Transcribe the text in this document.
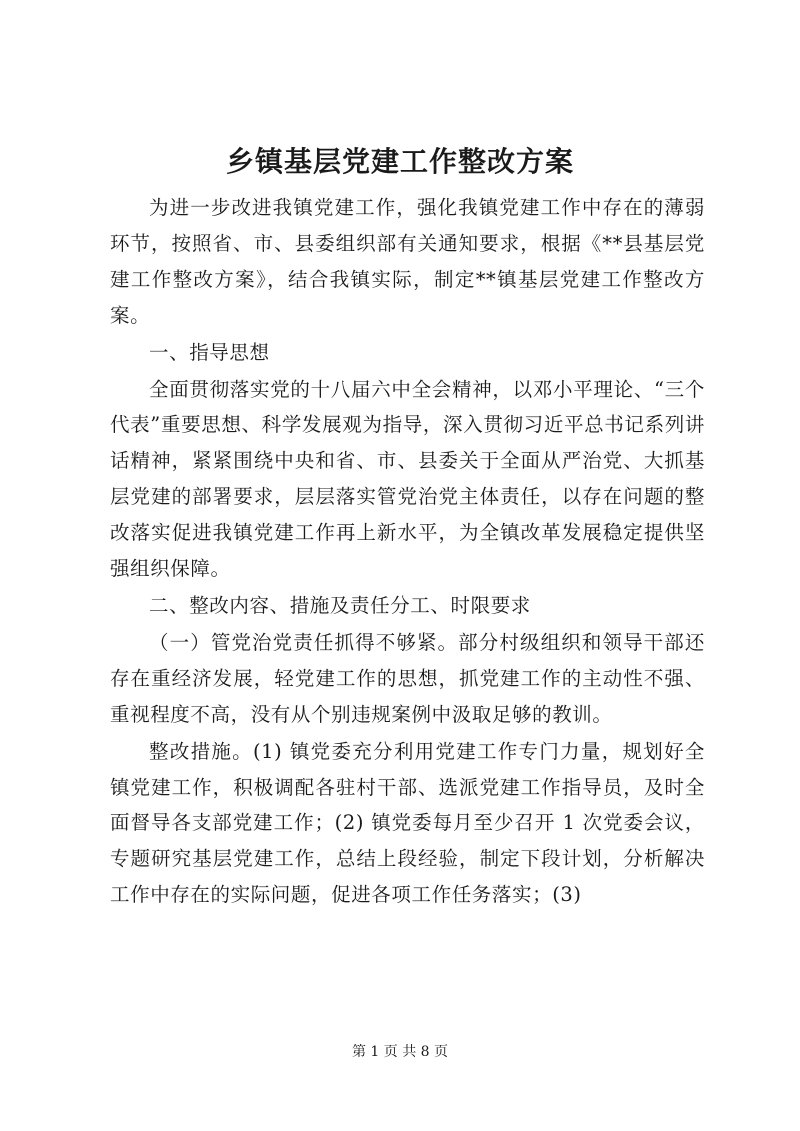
乡镇基层党建工作整改方案

为进一步改进我镇党建工作，强化我镇党建工作中存在的薄弱环节，按照省、市、县委组织部有关通知要求，根据《**县基层党建工作整改方案》，结合我镇实际，制定**镇基层党建工作整改方案。

一、指导思想

全面贯彻落实党的十八届六中全会精神，以邓小平理论、“三个代表”重要思想、科学发展观为指导，深入贯彻习近平总书记系列讲话精神，紧紧围绕中央和省、市、县委关于全面从严治党、大抓基层党建的部署要求，层层落实管党治党主体责任，以存在问题的整改落实促进我镇党建工作再上新水平，为全镇改革发展稳定提供坚强组织保障。

二、整改内容、措施及责任分工、时限要求

（一）管党治党责任抓得不够紧。部分村级组织和领导干部还存在重经济发展，轻党建工作的思想，抓党建工作的主动性不强、重视程度不高，没有从个别违规案例中汲取足够的教训。

整改措施。(1) 镇党委充分利用党建工作专门力量，规划好全镇党建工作，积极调配各驻村干部、选派党建工作指导员，及时全面督导各支部党建工作；(2) 镇党委每月至少召开 1 次党委会议，专题研究基层党建工作，总结上段经验，制定下段计划，分析解决工作中存在的实际问题，促进各项工作任务落实；(3)

第 1 页 共 8 页
